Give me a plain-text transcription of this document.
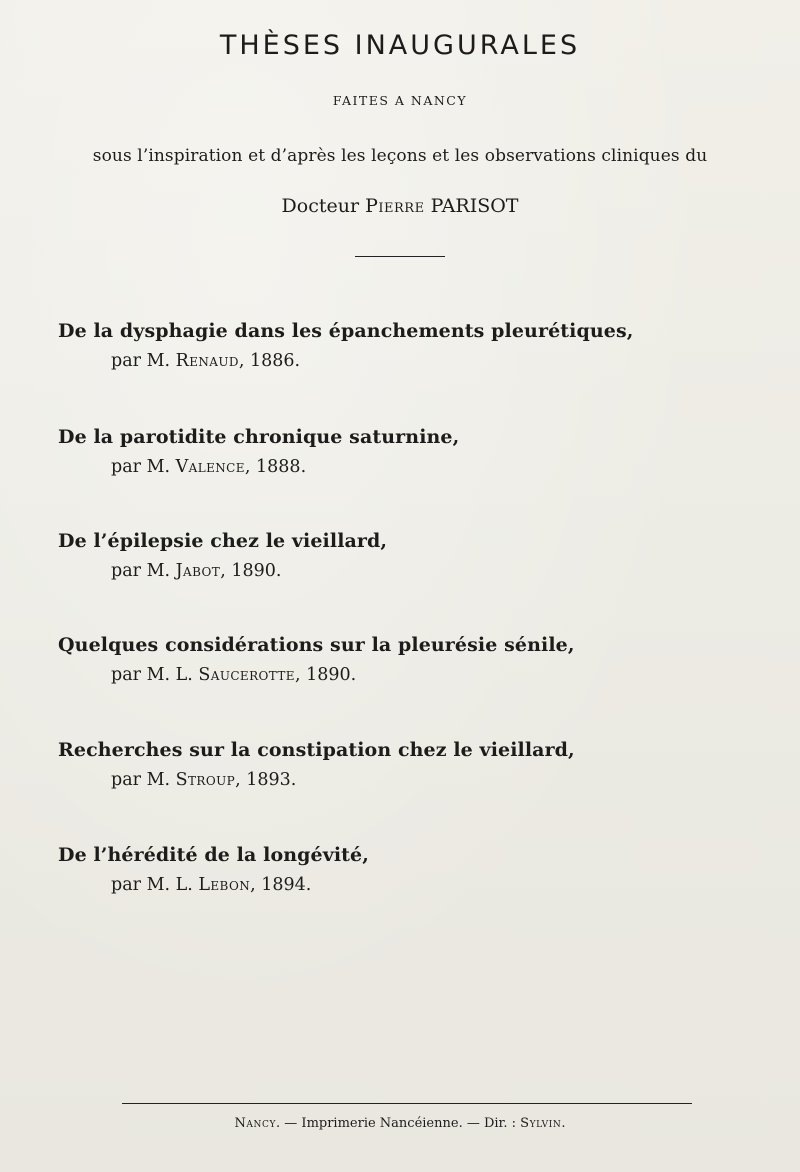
THÈSES INAUGURALES
FAITES A NANCY
sous l’inspiration et d’après les leçons et les observations cliniques du
Docteur Pierre PARISOT
De la dysphagie dans les épanchements pleurétiques,
par M. Renaud, 1886.
De la parotidite chronique saturnine,
par M. Valence, 1888.
De l’épilepsie chez le vieillard,
par M. Jabot, 1890.
Quelques considérations sur la pleurésie sénile,
par M. L. Saucerotte, 1890.
Recherches sur la constipation chez le vieillard,
par M. Stroup, 1893.
De l’hérédité de la longévité,
par M. L. Lebon, 1894.
Nancy. — Imprimerie Nancéienne. — Dir. : Sylvin.
